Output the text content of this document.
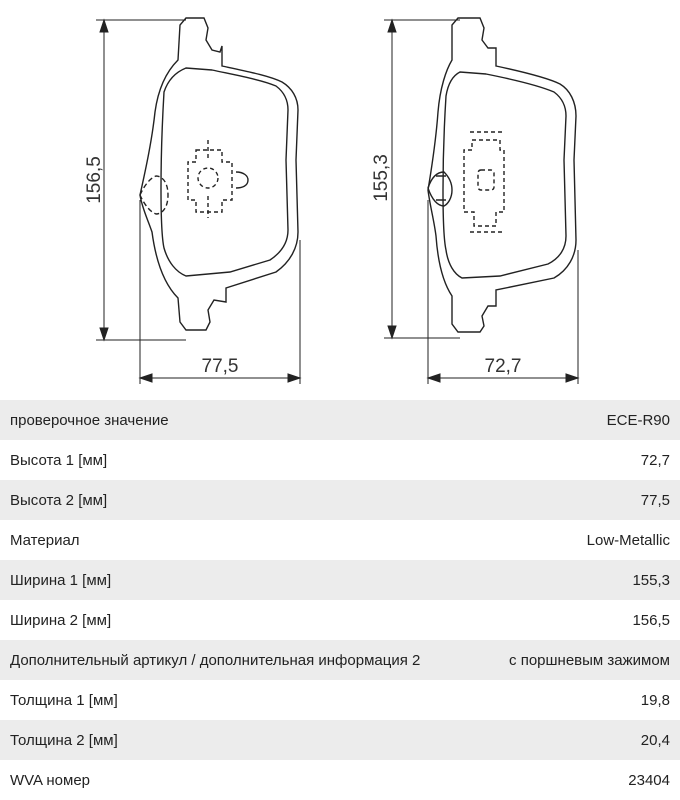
156,5
77,5
155,3
72,7
проверочное значение	ECE-R90
Высота 1 [мм]	72,7
Высота 2 [мм]	77,5
Материал	Low-Metallic
Ширина 1 [мм]	155,3
Ширина 2 [мм]	156,5
Дополнительный артикул / дополнительная информация 2	с поршневым зажимом
Толщина 1 [мм]	19,8
Толщина 2 [мм]	20,4
WVA номер	23404
